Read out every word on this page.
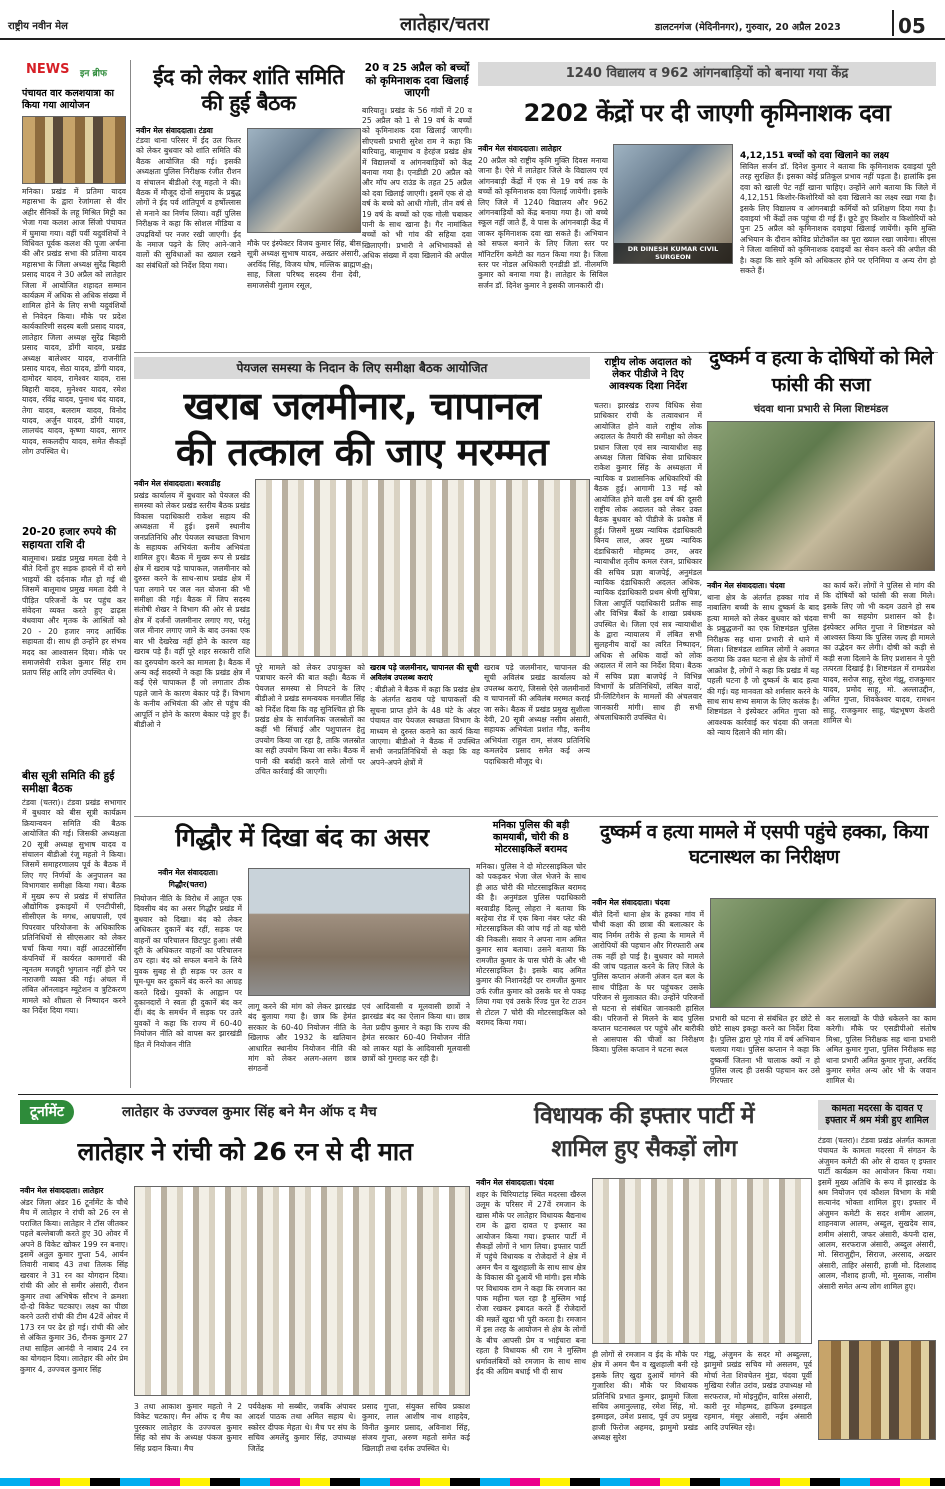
राष्ट्रीय नवीन मेल	लातेहार/चतरा	डालटनगंज (मेदिनीनगर), गुरुवार, 20 अप्रैल 2023	05
NEWS इन ब्रीफ
पंचायत वार कलशयात्रा का किया गया आयोजन
मनिका। प्रखंड में प्रतिमा यादव महासभा के द्वारा रेजांगला से वीर अहीर सैनिकों के लहू मिश्रित मिट्टी का भेजा गया कलश आज सिंजो पंचायत में घुमाया गया। वहीं पर्वी यदुवंशियों ने विधिवत पूर्वक कलश की पूजा अर्चना की और प्रखंड सभा की प्रतिमा यादव महासभा के जिला अध्यक्ष सुरेंद्र बिहारी प्रसाद यादव ने 30 अप्रैल को लातेहार जिला में आयोजित शहादत सम्मान कार्यक्रम में अधिक से अधिक संख्या में शामिल होने के लिए सभी यदुवंशियों से निवेदन किया। मौके पर प्रदेश कार्यकारिणी सदस्य बली प्रसाद यादव, लातेहार जिला अध्यक्ष सुरेंद्र बिहारी प्रसाद यादव, डोंगी यादव, प्रखंड अध्यक्ष बालेश्वर यादव, राजनीति प्रसाद यादव, सेठा यादव, डोंगी यादव, दामोदर यादव, रामेश्वर यादव, रास बिहारी यादव, मुनेश्वर यादव, रमेश यादव, रविंद्र यादव, पुनाथ चंद यादव, तेगा यादव, बलराम यादव, विनोद यादव, अर्जुन यादव, डोंगी यादव, लालचंद यादव, कृष्णा यादव, सागर यादव, सकलदीप यादव, समेत सैकड़ों लोग उपस्थित थे।
20-20 हजार रुपये की सहायता राशि दी
बालूमाथ। प्रखंड प्रमुख ममता देवी ने बीते दिनों हुए सड़क हादसे में दो सगे भाइयों की दर्दनाक मौत हो गई थी जिसमें बालूमाथ प्रमुख ममता देवी ने पीड़ित परिजनों के घर पहुंच कर संवेदना व्यक्त करते हुए ढाढ़स बंधवाया और मृतक के आश्रितों को 20 - 20 हजार नगद आर्थिक सहायता दी। साथ ही उन्होंने हर संभव मदद का आश्वासन दिया। मौके पर समाजसेवी राकेश कुमार सिंह राम प्रताप सिंह आदि लोग उपस्थित थे।
बीस सूत्री समिति की हुई समीक्षा बैठक
टंडवा (चतरा)। टंडवा प्रखंड सभागार में बुधवार को बीस सूत्री कार्यक्रम क्रियान्वयन समिति की बैठक आयोजित की गई। जिसकी अध्यक्षता 20 सूत्री अध्यक्ष सुभाष यादव व संचालन बीडीओ रंजू महतो ने किया। जिसमें समाहरणालय पूर्व के बैठक में लिए गए निर्णयों के अनुपालन का विभागवार समीक्षा किया गया। बैठक में मुख्य रूप से प्रखंड में संचालित औद्योगिक इकाइयों में एनटीपीसी, सीसीएल के मगध, आम्रपाली, एवं पिपरवार परियोजना के अधिकारिक प्रतिनिधियों से सीएसआर को लेकर चर्चा किया गया। वहीं आउटसोर्सिंग कंपनियों में कार्यरत कामगारों की न्यूनतम मजदूरी भुगतान नहीं होने पर नाराजगी व्यक्त की गई। अंचल में लंबित ऑनलाइन म्यूटेशन व त्रुटिकरण मामले को शीघ्रता से निष्पादन करने का निर्देश दिया गया।
ईद को लेकर शांति समिति की हुई बैठक
नवीन मेल संवाददाता। टंडवा
टंडवा थाना परिसर में ईद उल फितर को लेकर बुधवार को शांति समिति की बैठक आयोजित की गई। इसकी अध्यक्षता पुलिस निरीक्षक रंजीत रौशन व संचालन बीडीओ रंजू महतो ने की। बैठक में मौजूद दोनों समुदाय के प्रबुद्ध लोगों ने ईद पर्व शांतिपूर्ण व हर्षोल्लास से मनाने का निर्णय लिया। वहीं पुलिस निरीक्षक ने कहा कि सोशल मीडिया व उपद्रवियों पर नजर रखी जाएगी। ईद के नमाज पढ़ने के लिए आने-जाने वालों की सुविधाओं का ख्याल रखने का संबंधितों को निर्देश दिया गया।
मौके पर इंस्पेक्टर विजय कुमार सिंह, बीस सूत्री अध्यक्ष सुभाष यादव, अख्तर अंसारी, अरविंद सिंह, विजय घोष, मल्लिक ब्राह्मण साह, जिला परिषद सदस्य रीना देवी, समाजसेवी गुलाम रसूल,
20 व 25 अप्रैल को बच्चों को कृमिनाशक दवा खिलाई जाएगी
बारियातु। प्रखंड के 56 गांवों में 20 व 25 अप्रैल को 1 से 19 वर्ष के बच्चों को कृमिनाशक दवा खिलाई जाएगी। सीएचसी प्रभारी सुरेश राम ने कहा कि बारियातु, बालूमाथ व हेरहंज प्रखंड क्षेत्र में विद्यालयों व आंगनबाड़ियों को केंद्र बनाया गया है। एनडीडी 20 अप्रैल को और मॉप अप राउंड के तहत 25 अप्रैल को दवा खिलाई जाएगी। इसमें एक से दो वर्ष के बच्चे को आधी गोली, तीन वर्ष से 19 वर्ष के बच्चों को एक गोली चबाकर पानी के साथ खाना है। गैर नामांकित बच्चों को भी गांव की सहिया दवा खिलाएगी। प्रभारी ने अभिभावकों से अधिक संख्या में दवा खिलाने की अपील की।
1240 विद्यालय व 962 आंगनबाड़ियों को बनाया गया केंद्र
2202 केंद्रों पर दी जाएगी कृमिनाशक दवा
नवीन मेल संवाददाता। लातेहार
20 अप्रैल को राष्ट्रीय कृमि मुक्ति दिवस मनाया जाना है। ऐसे में लातेहार जिले के विद्यालय एवं आंगनबाड़ी केंद्रों में एक से 19 वर्ष तक के बच्चों को कृमिनाशक दवा पिलाई जायेगी। इसके लिए जिले में 1240 विद्यालय और 962 आंगनबाड़ियों को केंद्र बनाया गया है। जो बच्चे स्कूल नहीं जाते हैं, वे पास के आंगनबाड़ी केंद्र में जाकर कृमिनाशक दवा खा सकते हैं। अभियान को सफल बनाने के लिए जिला स्तर पर मॉनिटरिंग कमेटी का गठन किया गया है। जिला स्तर पर नोडल अधिकारी एनडीडी डॉ. नीलमणि कुमार को बनाया गया है। लातेहार के सिविल सर्जन डॉ. दिनेश कुमार ने इसकी जानकारी दी।
DR DINESH KUMAR CIVIL SURGEON
4,12,151 बच्चों को दवा खिलाने का लक्ष्य
सिविल सर्जन डॉ. दिनेश कुमार ने बताया कि कृमिनाशक दवाइयां पूरी तरह सुरक्षित हैं। इसका कोई प्रतिकूल प्रभाव नहीं पड़ता है। हालांकि इस दवा को खाली पेट नहीं खाना चाहिए। उन्होंने आगे बताया कि जिले में 4,12,151 किशोर-किशोरियों को दवा खिलाने का लक्ष्य रखा गया है। इसके लिए विद्यालय व आंगनबाड़ी कर्मियों को प्रशिक्षण दिया गया है। दवाइयां भी केंद्रों तक पहुंचा दी गई हैं। छूटे हुए किशोर व किशोरियों को पुनः 25 अप्रैल को कृमिनाशक दवाइयां खिलाई जायेंगी। कृमि मुक्ति अभियान के दौरान कोविड प्रोटोकॉल का पूरा ख्याल रखा जायेगा। सीएस ने जिला वासियों को कृमिनाशक दवाइयों का सेवन करने की अपील की है। कहा कि सारे कृमि को अधिकतर होने पर एनिमिया व अन्य रोग हो सकते हैं।
पेयजल समस्या के निदान के लिए समीक्षा बैठक आयोजित
खराब जलमीनार, चापानल
की तत्काल की जाए मरम्मत
नवीन मेल संवाददाता। बरवाडीह
प्रखंड कार्यालय में बुधवार को पेयजल की समस्या को लेकर प्रखंड स्तरीय बैठक प्रखंड विकास पदाधिकारी राकेश सहाय की अध्यक्षता में हुई। इसमें स्थानीय जनप्रतिनिधि और पेयजल स्वच्छता विभाग के सहायक अभियंता कनीय अभियंता शामिल हुए। बैठक में मुख्य रूप से प्रखंड क्षेत्र में खराब पड़े चापाकल, जलमीनार को दुरुस्त करने के साथ-साथ प्रखंड क्षेत्र में पता लगाने पर जल नल योजना की भी समीक्षा की गई। बैठक में जिप सदस्य संतोषी शेखर ने विभाग की ओर से प्रखंड क्षेत्र में दर्जनों जलमीनार लगाए गए, परंतु जल मीनार लगाए जाने के बाद उनका एक बार भी देखरेख नहीं होने के कारण वह खराब पड़े हैं। वहीं पूरे शहर सरकारी राशि का दुरुपयोग करने का मामला है। बैठक में अन्य कई सदस्यों ने कहा कि प्रखंड क्षेत्र में कई ऐसे चापाकल हैं जो लगातार ठीक पहले जाने के कारण बेकार पड़े हैं। विभाग के कनीय अभियंता की ओर से पहुंच की आपूर्ति न होने के कारण बेकार पड़े हुए हैं। बीडीओ ने
पूरे मामले को लेकर उपायुक्त को पत्राचार करने की बात कही। बैठक में पेयजल समस्या से निपटने के लिए बीडीओ ने प्रखंड समन्वयक मनजीत सिंह को निर्देश दिया कि वह सुनिश्चित हो कि प्रखंड क्षेत्र के सार्वजनिक जलस्रोतों का कहीं भी सिंचाई और पशुपालन हेतु उपयोग किया जा रहा है, ताकि जलस्रोत का सही उपयोग किया जा सके। बैठक में पानी की बर्बादी करने वाले लोगों पर उचित कार्रवाई की जाएगी।
खराब पड़े जलमीनार, चापानल की सूची अविलंब उपलब्ध कराएं
: बीडीओ ने बैठक में कहा कि प्रखंड क्षेत्र के अंतर्गत खराब पड़े चापाकलों की सूचना प्राप्त होने के 48 घंटे के अंदर पंचायत वार पेयजल स्वच्छता विभाग के माध्यम से दुरुस्त कराने का कार्य किया जाएगा। बीडीओ ने बैठक में उपस्थित सभी जनप्रतिनिधियों से कहा कि वह अपने-अपने क्षेत्रों में
खराब पड़े जलमीनार, चापानल की सूची अविलंब प्रखंड कार्यालय को उपलब्ध कराएं, जिससे ऐसे जलमीनारों व चापानलों की अविलंब मरम्मत कराई जा सके। बैठक में प्रखंड प्रमुख सुशीला देवी, 20 सूत्री अध्यक्ष नसीम अंसारी, सहायक अभियंता प्रशांत गौड़, कनीय अभियंता राहुल राम, संजय प्रतिनिधि कमलदेव प्रसाद समेत कई अन्य पदाधिकारी मौजूद थे।
राष्ट्रीय लोक अदालत को लेकर पीडीजे ने दिए आवश्यक दिशा निर्देश
चतरा। झारखंड राज्य विधिक सेवा प्राधिकार रांची के तत्वावधान में आयोजित होने वाले राष्ट्रीय लोक अदालत के तैयारी की समीक्षा को लेकर प्रधान जिला एवं सत्र न्यायाधीश सह अध्यक्ष जिला विधिक सेवा प्राधिकार राकेश कुमार सिंह के अध्यक्षता में न्यायिक व प्रशासनिक अधिकारियों की बैठक हुई। आगामी 13 मई को आयोजित होने वाली इस वर्ष की दूसरी राष्ट्रीय लोक अदालत को लेकर उक्त बैठक बुधवार को पीडीजे के प्रकोष्ठ में हुई। जिसमें मुख्य न्यायिक दंडाधिकारी बिनय लाल, अवर मुख्य न्यायिक दंडाधिकारी मोहम्मद उमर, अवर न्यायाधीश तृतीय कमल रंजन, प्राधिकार की सचिव प्रज्ञा बाजपेई, अनुमंडल न्यायिक दंडाधिकारी अदलत अधिक, न्यायिक दंडाधिकारी प्रथम श्रेणी सुचित्रा, जिला आपूर्ति पदाधिकारी प्रतीक साह और विभिन्न बैंकों के शाखा प्रबंधक उपस्थित थे। जिला एवं सत्र न्यायाधीश के द्वारा न्यायालय में लंबित सभी सुलहनीय वादों का त्वरित निष्पादन, अधिक से अधिक वादों को लोक अदालत में लाने का निर्देश दिया। बैठक में सचिव प्रज्ञा बाजपेई ने विभिन्न विभागों के प्रतिनिधियों, लंबित वादों, प्री-लिटिगेशन के मामलों की अंचलवार जानकारी मांगी। साथ ही सभी अंचलाधिकारी उपस्थित थे।
दुष्कर्म व हत्या के दोषियों को मिले फांसी की सजा
चंदवा थाना प्रभारी से मिला शिष्टमंडल
नवीन मेल संवाददाता। चंदवा
थाना क्षेत्र के अंतर्गत हक्का गांव में नाबालिग बच्ची के साथ दुष्कर्म के बाद हत्या मामले को लेकर बुधवार को चंदवा के प्रबुद्धजनों का एक शिष्टमंडल पुलिस निरीक्षक सह थाना प्रभारी से थाने में मिला। शिष्टमंडल शामिल लोगों ने अवगत कराया कि उक्त घटना से क्षेत्र के लोगों में आक्रोश है, लोगों ने कहा कि प्रखंड में यह पहली घटना है जो दुष्कर्म के बाद हत्या की गई। यह मानवता को शर्मसार करने के साथ साथ सभ्य समाज के लिए कलंक है। शिष्टमंडल ने इंस्पेक्टर अमित गुप्ता को आवश्यक कार्रवाई कर चंदवा की जनता को न्याय दिलाने की मांग की।
का कार्य करें। लोगों ने पुलिस से मांग की कि दोषियों को फांसी की सजा मिले। इसके लिए जो भी कदम उठाने हो सब सभी का सहयोग प्रशासन को है। इंस्पेक्टर अमित गुप्ता ने शिष्टमंडल को आश्वस्त किया कि पुलिस जल्द ही मामले का उद्भेदन कर लेगी। दोषी को कड़ी से कड़ी सजा दिलाने के लिए प्रशासन ने पूरी तत्परता दिखाई है। शिष्टमंडल में रामप्रवेश यादव, सरोज साहू, सुरेश गंझू, राजकुमार यादव, प्रमोद साहू, मो. अल्लाउद्दीन, अमित गुप्ता, शिवकेश्वर यादव, रामधन साहू, राजकुमार साहू, चंद्रभूषण केशरी शामिल थे।
गिद्धौर में दिखा बंद का असर
नवीन मेल संवाददाता।
गिद्धौर(चतरा)
नियोजन नीति के विरोध में आहूत एक दिवसीय बंद का असर गिद्धौर प्रखंड में बुधवार को दिखा। बंद को लेकर अधिकतर दुकानें बंद रहीं, सड़क पर वाहनों का परिचालन छिटपुट हुआ। लंबी दूरी के अधिकतर वाहनों का परिचालन ठप रहा। बंद को सफल बनाने के लिये युवक सुबह से ही सड़क पर उतर व घूम-घूम कर दुकानें बंद करने का आग्रह करते दिखे। युवकों के आह्वान पर दुकानदारों ने स्वतः ही दुकानें बंद कर दीं। बंद के समर्थन में सड़क पर उतरे युवकों ने कहा कि राज्य में 60-40 नियोजन नीति को वापस कर झारखंडी हित में नियोजन नीति
लागू करने की मांग को लेकर झारखंड बंद बुलाया गया है। छात्र कि हेमंत सरकार के 60-40 नियोजन नीति के खिलाफ और 1932 के खतियान आधारित स्थानीय नियोजन नीति की मांग को लेकर अलग-अलग छात्र संगठनों
एवं आदिवासी व मूलवासी छात्रों ने झारखंड बंद का ऐलान किया था। छात्र नेता प्रदीप कुमार ने कहा कि राज्य की हेमंत सरकार 60-40 नियोजन नीति को लाकर यहां के आदिवासी मूलवासी छात्रों को गुमराह कर रही है।
मनिका पुलिस की बड़ी कामयाबी, चोरी की 8 मोटरसाइकिलें बरामद
मनिका। पुलिस ने दो मोटरसाइकिल चोर को पकड़कर भेजा जेल भेजने के साथ ही आठ चोरी की मोटरसाइकिल बरामद की है। अनुमंडल पुलिस पदाधिकारी बरवाडीह दिल्लू लोहरा ने बताया कि बरहेया रोड में एक बिना नंबर प्लेट की मोटरसाइकिल की जांच गई तो वह चोरी की निकली। सवार ने अपना नाम अमित कुमार साव बताया। उसने बताया कि रामजीत कुमार के पास चोरी के और भी मोटरसाइकिल है। इसके बाद अमित कुमार की निशानदेही पर रामजीत कुमार उर्फ रंजीत कुमार को उसके घर से पकड़ लिया गया एवं उसके रिंज्ड पुल रेट टाउन से टोटल 7 चोरी की मोटरसाइकिल को बरामद किया गया।
दुष्कर्म व हत्या मामले में एसपी पहुंचे हक्का, किया घटनास्थल का निरीक्षण
नवीन मेल संवाददाता। चंदवा
बीते दिनों थाना क्षेत्र के हक्का गांव में चौथी कक्षा की छात्रा की बलात्कार के बाद निर्मम तरीके से हत्या के मामले में आरोपियों की पहचान और गिरफ्तारी अब तक नहीं हो पाई है। बुधवार को मामले की जांच पड़ताल करने के लिए जिले के पुलिस कप्तान अंजनी अंजन दल बल के साथ पीड़िता के घर पहुंचकर उसके परिजन से मुलाकात की। उन्होंने परिजनों से घटना से संबंधित जानकारी हासिल की। परिजनों से मिलने के बाद पुलिस कप्तान घटनास्थल पर पहुंचे और बारीकी से आसपास की चीजों का निरीक्षण किया। पुलिस कप्तान ने घटना स्थल
प्रभारी को घटना से संबंधित हर छोटे से छोटे साक्ष्य इकट्ठा करने का निर्देश दिया है। पुलिस द्वारा पूरे गांव में वर्ष अभियान चलाया गया। पुलिस कप्तान ने कहा कि दुष्कर्मी जितना भी चालाक क्यों न हो पुलिस जल्द ही उसकी पहचान कर उसे गिरफ्तार
कर सलाखों के पीछे धकेलने का काम करेगी। मौके पर एसडीपीओ संतोष मिश्रा, पुलिस निरीक्षक सह थाना प्रभारी अमित कुमार गुप्ता, पुलिस निरीक्षक सह थाना प्रभारी अमित कुमार गुप्ता, अरविंद कुमार समेत अन्य ओर भी के जवान शामिल थे।
टूर्नामेंट	लातेहार के उज्ज्वल कुमार सिंह बने मैन ऑफ द मैच
लातेहार ने रांची को 26 रन से दी मात
नवीन मेल संवाददाता। लातेहार
अंडर जिला अंडर 16 टूर्नामेंट के चौथे मैच में लातेहार ने रांची को 26 रन से पराजित किया। लातेहार ने टॉस जीतकर पहले बल्लेबाजी करते हुए 30 ओवर में अपने 8 विकेट खोकर 199 रन बनाए। इसमें अतुल कुमार गुप्ता 54, आर्यन तिवारी नाबाद 43 तथा तिलक सिंह खरवार ने 31 रन का योगदान दिया। रांची की ओर से समीर अंसारी, रौशन कुमार तथा अभिषेक सौरभ ने क्रमशः दो-दो विकेट चटकाए। लक्ष्य का पीछा करने उतरी रांची की टीम 42वें ओवर में 173 रन पर ढेर हो गई। रांची की ओर से अंकित कुमार 36, रौनक कुमार 27 तथा साहिल आनंदी ने नाबाद 24 रन का योगदान दिया। लातेहार की ओर प्रेम कुमार 4, उज्ज्वल कुमार सिंह
3 तथा आकाश कुमार महतो ने 2 विकेट चटकाए। मैन ऑफ द मैच का पुरस्कार लातेहार के उज्ज्वल कुमार सिंह को संघ के अध्यक्ष पंकज कुमार सिंह प्रदान किया। मैच
पर्यवेक्षक मो सब्बीर, जबकि अंपायर आदर्श पाठक तथा अमित सहाय थे। स्कोरर दीपक मेहता थे। मैच पर संघ के सचिव अमलेंदु कुमार सिंह, उपाध्यक्ष जितेंद्र
प्रसाद गुप्ता, संयुक्त सचिव प्रकाश कुमार, लाल आशीष नाथ शाहदेव, विनीत कुमार प्रसाद, अविनाश सिंह, संजय गुप्ता, अरुण महतो समेत कई खिलाड़ी तथा दर्शक उपस्थित थे।
विधायक की इफ्तार पार्टी में
शामिल हुए सैकड़ों लोग
नवीन मेल संवाददाता। चंदवा
शहर के चिरियाटांड़ स्थित मदरसा खैरुल उलूम के परिसर में 27वें रमजान के खास मौके पर लातेहार विधायक बैद्यनाथ राम के द्वारा दावत ए इफ्तार का आयोजन किया गया। इफ्तार पार्टी में सैकड़ों लोगों ने भाग लिया। इफ्तार पार्टी में पहुंचे विधायक व रोजेदारों ने क्षेत्र में अमन चैन व खुशहाली के साथ साथ क्षेत्र के विकास की दुआयें भी मांगी। इस मौके पर विधायक राम ने कहा कि रमजान का पाक महीना चल रहा है मुस्लिम भाई रोजा रखकर इबादत करते हैं रोजेदारों की मन्नतें खुदा भी पूरी करता है। रमजान में इस तरह के आयोजन से क्षेत्र के लोगों के बीच आपसी प्रेम व भाईचारा बना रहता है विधायक श्री राम ने मुस्लिम धर्मावलंबियों को रमजान के साथ साथ ईद की अग्रिम बधाई भी दी साथ
ही लोगों से रमजान व ईद के मौके पर क्षेत्र में अमन चैन व खुशहाली बनी रहे इसके लिए खुदा दुआयें मांगने की गुजारिश की। मौके पर विधायक प्रतिनिधि प्रभात कुमार, झामुमो जिला सचिव अमानुल्लाह, रमेश सिंह, मो. इस्माइल, उमेश प्रसाद, पूर्व उप प्रमुख हाजी फिरोज अहमद, झामुमो प्रखंड अध्यक्ष सुरेश
गंझू, अंजुमन के सदर मो अब्दुल्ला, झामुमो प्रखंड सचिव मो असलम, पूर्व मोर्चा नेता शिवचेतन मुंडा, चंदवा पूर्वी मुखिया रंजीत उरांव, प्रखंड उपाध्यक्ष मो सरफराज, मो मोइनुद्दीन, वारिस अंसारी, कारी नूर मोहम्मद, हाफिज इस्माइल रहमान, मंसूर अंसारी, नईम अंसारी आदि उपस्थित रहे।
कामता मदरसा के दावत ए इफ्तार में श्रम मंत्री हुए शामिल
टंडवा (चतरा)। टंडवा प्रखंड अंतर्गत कामता पंचायत के कामता मदरसा में संगठन के अंजुमन कमेटी की ओर से दावत ए इफ्तार पार्टी कार्यक्रम का आयोजन किया गया। इसमें मुख्य अतिथि के रूप में झारखंड के श्रम नियोजन एवं कौशल विभाग के मंत्री सत्यानंद भोक्ता शामिल हुए। इफ्तार में अंजुमन कमेटी के सदर शमीम आलम, शाहनवाज आलम, अब्दुल, सुखदेव साव, शमीम अंसारी, जफर अंसारी, कंपनी दास, आलम, सरफराज अंसारी, अब्दुल अंसारी, मो. सिराजुद्दीन, सिराज, अरसाद, अख्तर अंसारी, ताहिर अंसारी, हाजी मो. दिलशाद आलम, नौशाद हाजी, मो. मुस्ताक, नासीम अंसारी समेत अन्य लोग शामिल हुए।
